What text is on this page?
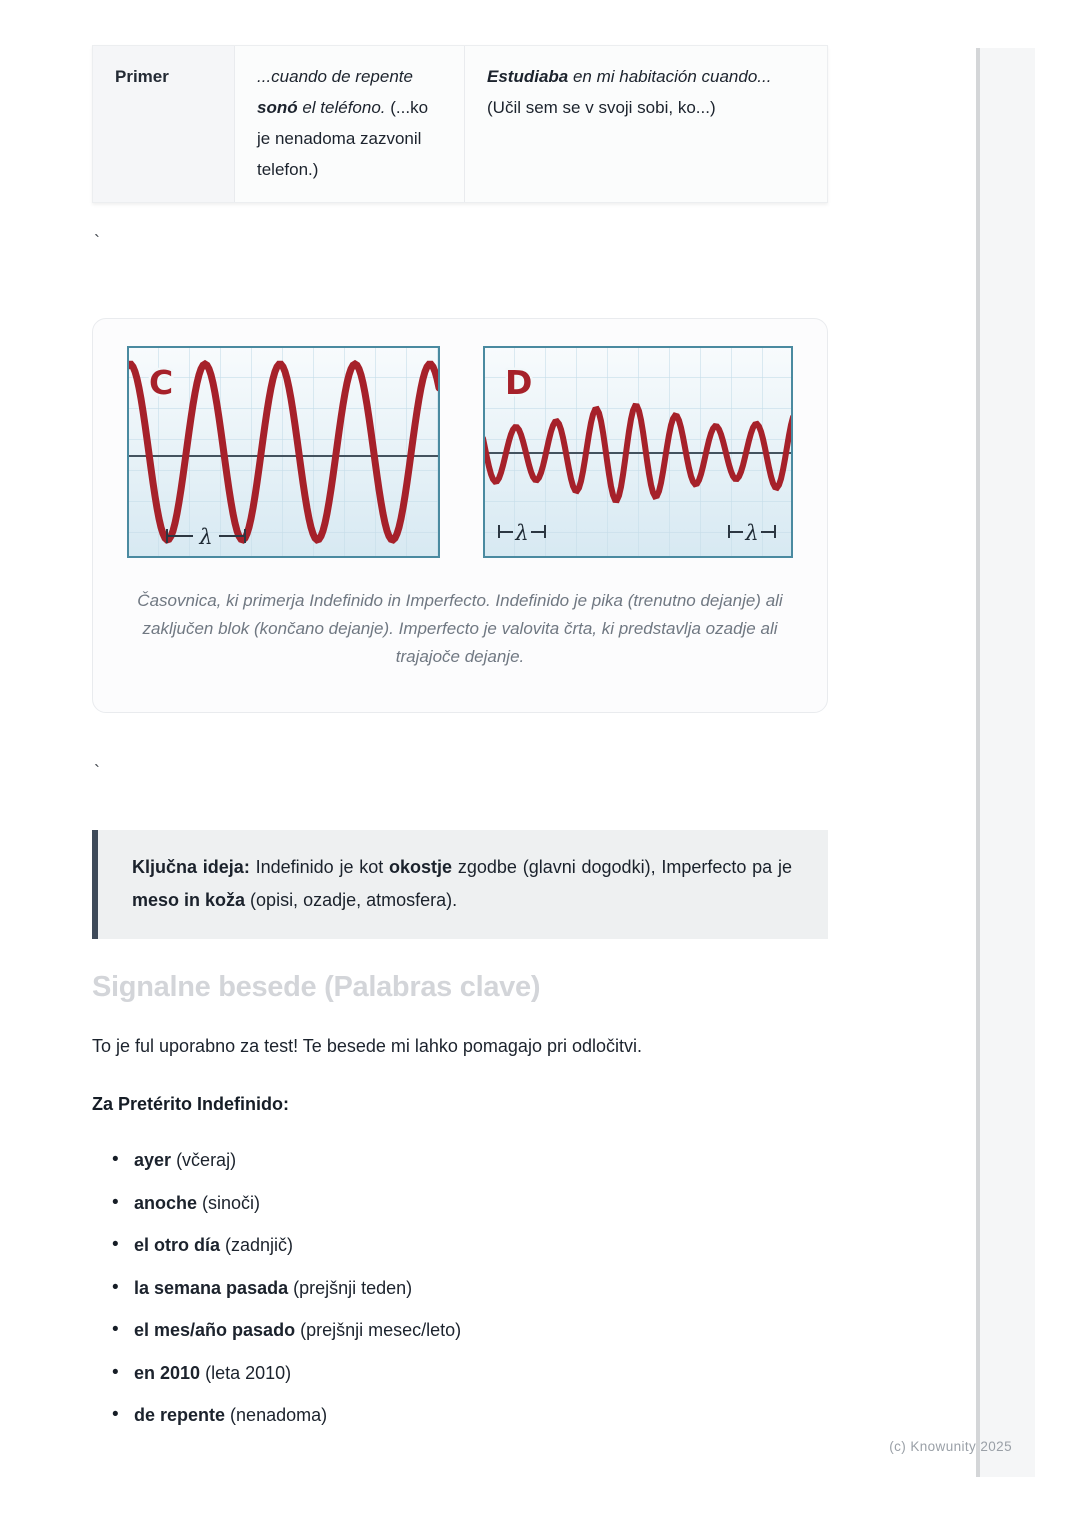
Primer	...cuando de repente sonó el teléfono. (...ko je nenadoma zazvonil telefon.)
Estudiaba en mi habitación cuando... (Učil sem se v svoji sobi, ko...)
`
λ
C
λ	λ
D

Časovnica, ki primerja Indefinido in Imperfecto. Indefinido je pika (trenutno dejanje) ali zaključen blok (končano dejanje). Imperfecto je valovita črta, ki predstavlja ozadje ali trajajoče dejanje.

`
Ključna ideja: Indefinido je kot okostje zgodbe (glavni dogodki), Imperfecto pa je meso in koža (opisi, ozadje, atmosfera).
Signalne besede (Palabras clave)

To je ful uporabno za test! Te besede mi lahko pomagajo pri odločitvi.

Za Pretérito Indefinido:

• ayer (včeraj)
• anoche (sinoči)
• el otro día (zadnjič)
• la semana pasada (prejšnji teden)
• el mes/año pasado (prejšnji mesec/leto)
• en 2010 (leta 2010)
• de repente (nenadoma)
(c) Knowunity 2025
